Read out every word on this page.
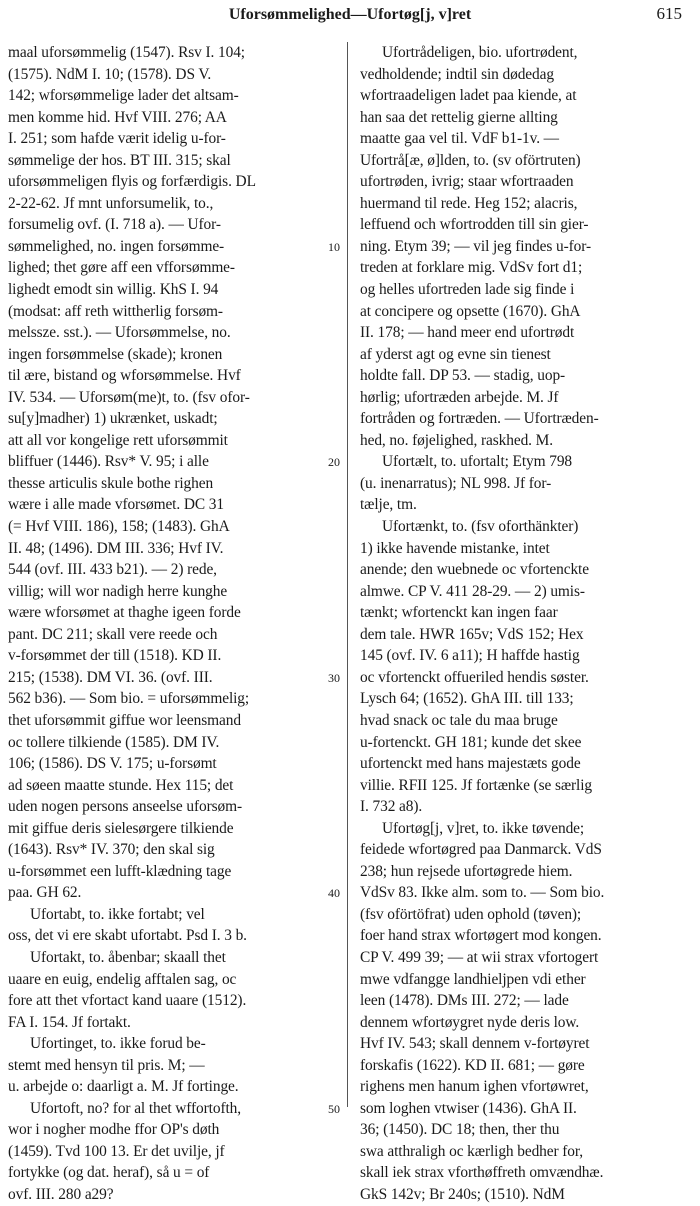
Uforsømmelighed—Ufortøg[j, v]ret	615
maal uforsømmelig (1547). Rsv I. 104;
(1575). NdM I. 10; (1578). DS V.
142; wforsømmelige lader det altsam-
men komme hid. Hvf VIII. 276; AA
I. 251; som hafde værit idelig u-for-
sømmelige der hos. BT III. 315; skal
uforsømmeligen flyis og forfærdigis. DL
2-22-62. Jf mnt unforsumelik, to.,
forsumelig ovf. (I. 718 a). — Ufor-
sømmelighed, no. ingen forsømme-
lighed; thet gøre aff een vfforsømme-
lighedt emodt sin willig. KhS I. 94
(modsat: aff reth wittherlig forsøm-
melssze. sst.). — Uforsømmelse, no.
ingen forsømmelse (skade); kronen
til ære, bistand og wforsømmelse. Hvf
IV. 534. — Uforsøm(me)t, to. (fsv ofor-
su[y]madher) 1) ukrænket, uskadt;
att all vor kongelige rett uforsømmit
bliffuer (1446). Rsv* V. 95; i alle
thesse articulis skule bothe righen
wære i alle made vforsømet. DC 31
(= Hvf VIII. 186), 158; (1483). GhA
II. 48; (1496). DM III. 336; Hvf IV.
544 (ovf. III. 433 b21). — 2) rede,
villig; will wor nadigh herre kunghe
wære wforsømet at thaghe igeen forde
pant. DC 211; skall vere reede och
v-forsømmet der till (1518). KD II.
215; (1538). DM VI. 36. (ovf. III.
562 b36). — Som bio. = uforsømmelig;
thet uforsømmit giffue wor leensmand
oc tollere tilkiende (1585). DM IV.
106; (1586). DS V. 175; u-forsømt
ad søeen maatte stunde. Hex 115; det
uden nogen persons anseelse uforsøm-
mit giffue deris sielesørgere tilkiende
(1643). Rsv* IV. 370; den skal sig
u-forsømmet een lufft-klædning tage
paa. GH 62.
Ufortabt, to. ikke fortabt; vel
oss, det vi ere skabt ufortabt. Psd I. 3 b.
Ufortakt, to. åbenbar; skaall thet
uaare en euig, endelig afftalen sag, oc
fore att thet vfortact kand uaare (1512).
FA I. 154. Jf fortakt.
Ufortinget, to. ikke forud be-
stemt med hensyn til pris. M; —
u. arbejde o: daarligt a. M. Jf fortinge.
Ufortoft, no? for al thet wffortofth,
wor i nogher modhe ffor OP's døth
(1459). Tvd 100 13. Er det uvilje, jf
fortykke (og dat. heraf), så u = of
ovf. III. 280 a29?
Ufortrådeligen, bio. ufortrødent,
vedholdende; indtil sin dødedag
wfortraadeligen ladet paa kiende, at
han saa det rettelig gierne allting
maatte gaa vel til. VdF b1-1v. —
Ufortrå[æ, ø]lden, to. (sv oförtruten)
ufortrøden, ivrig; staar wfortraaden
huermand til rede. Heg 152; alacris,
leffuend och wfortrodden till sin gier-
ning. Etym 39; — vil jeg findes u-for-
treden at forklare mig. VdSv fort d1;
og helles ufortreden lade sig finde i
at concipere og opsette (1670). GhA
II. 178; — hand meer end ufortrødt
af yderst agt og evne sin tienest
holdte fall. DP 53. — stadig, uop-
hørlig; ufortræden arbejde. M. Jf
fortråden og fortræden. — Ufortræden-
hed, no. føjelighed, raskhed. M.
Ufortælt, to. ufortalt; Etym 798
(u. inenarratus); NL 998. Jf for-
tælje, tm.
Ufortænkt, to. (fsv oforthänkter)
1) ikke havende mistanke, intet
anende; den wuebnede oc vfortenckte
almwe. CP V. 411 28-29. — 2) umis-
tænkt; wfortenckt kan ingen faar
dem tale. HWR 165v; VdS 152; Hex
145 (ovf. IV. 6 a11); H haffde hastig
oc vfortenckt offueriled hendis søster.
Lysch 64; (1652). GhA III. till 133;
hvad snack oc tale du maa bruge
u-fortenckt. GH 181; kunde det skee
ufortenckt med hans majestæts gode
villie. RFII 125. Jf fortænke (se særlig
I. 732 a8).
Ufortøg[j, v]ret, to. ikke tøvende;
feidede wfortøgred paa Danmarck. VdS
238; hun rejsede ufortøgrede hiem.
VdSv 83. Ikke alm. som to. — Som bio.
(fsv oförtöfrat) uden ophold (tøven);
foer hand strax wfortøgert mod kongen.
CP V. 499 39; — at wii strax vfortogert
mwe vdfangge landhieljpen vdi ether
leen (1478). DMs III. 272; — lade
dennem wfortøygret nyde deris low.
Hvf IV. 543; skall dennem v-fortøyret
forskafis (1622). KD II. 681; — gøre
righens men hanum ighen vfortøwret,
som loghen vtwiser (1436). GhA II.
36; (1450). DC 18; then, ther thu
swa atthraligh oc kærligh bedher for,
skall iek strax vforthøffreth omvændhæ.
GkS 142v; Br 240s; (1510). NdM
10
20
30
40
50
